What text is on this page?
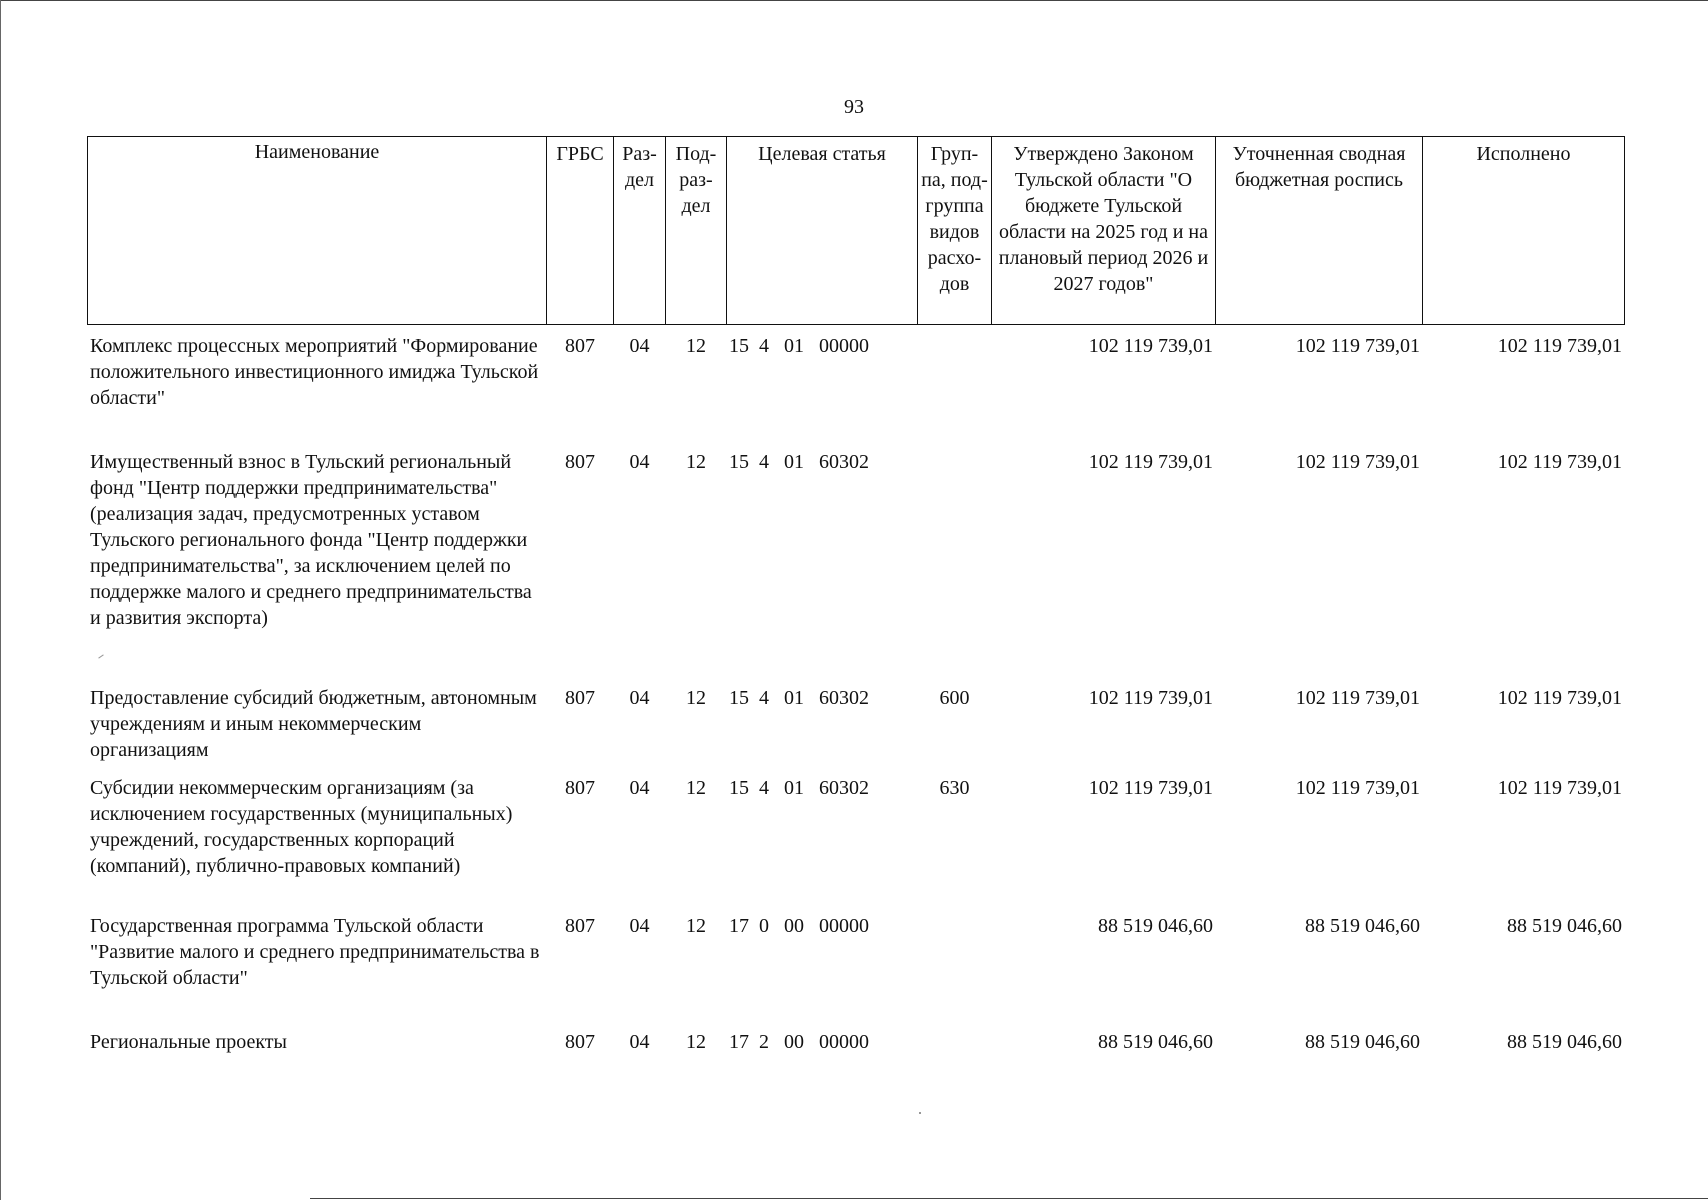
93
Наименование	ГРБС	Раз-дел	Под-раз-дел	Целевая статья	Груп-па, под-группа видов расхо-дов	Утверждено Законом Тульской области "О бюджете Тульской области на 2025 год и на плановый период 2026 и 2027 годов"	Уточненная сводная бюджетная роспись	Исполнено
Комплекс процессных мероприятий "Формирование положительного инвестиционного имиджа Тульской области"	807	04	12	15  4   01   00000		102 119 739,01	102 119 739,01	102 119 739,01
Имущественный взнос в Тульский региональный фонд "Центр поддержки предпринимательства" (реализация задач, предусмотренных уставом Тульского регионального фонда "Центр поддержки предпринимательства", за исключением целей по поддержке малого и среднего предпринимательства и развития экспорта)	807	04	12	15  4   01   60302		102 119 739,01	102 119 739,01	102 119 739,01
Предоставление субсидий бюджетным, автономным учреждениям и иным некоммерческим организациям	807	04	12	15  4   01   60302	600	102 119 739,01	102 119 739,01	102 119 739,01
Субсидии некоммерческим организациям (за исключением государственных (муниципальных) учреждений, государственных корпораций (компаний), публично-правовых компаний)	807	04	12	15  4   01   60302	630	102 119 739,01	102 119 739,01	102 119 739,01
Государственная программа Тульской области "Развитие малого и среднего предпринимательства в Тульской области"	807	04	12	17  0   00   00000		88 519 046,60	88 519 046,60	88 519 046,60
Региональные проекты	807	04	12	17  2   00   00000		88 519 046,60	88 519 046,60	88 519 046,60
